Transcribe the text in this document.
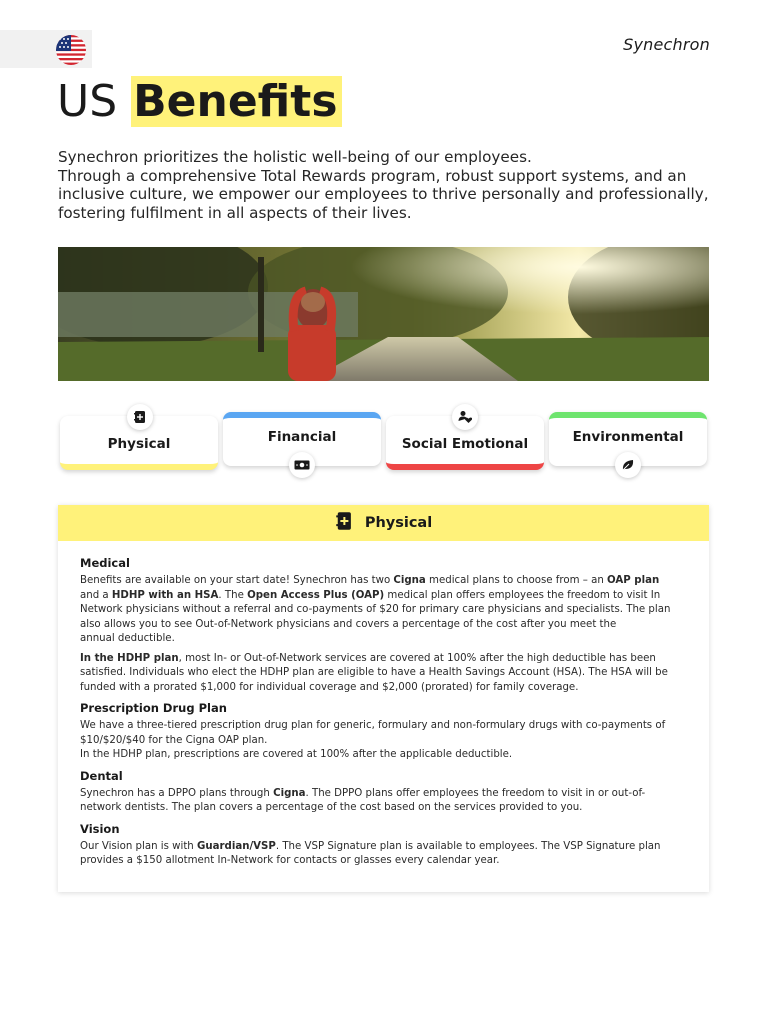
Synechron
US Benefits

Synechron prioritizes the holistic well-being of our employees.

Through a comprehensive Total Rewards program, robust support systems, and an

inclusive culture, we empower our employees to thrive personally and professionally,

fostering fulfilment in all aspects of their lives.

Physical	Financial	Social Emotional	Environmental
Physical
Medical
Benefits are available on your start date! Synechron has two Cigna medical plans to choose from – an OAP plan
and a HDHP with an HSA. The Open Access Plus (OAP) medical plan offers employees the freedom to visit In
Network physicians without a referral and co-payments of $20 for primary care physicians and specialists. The plan
also allows you to see Out-of-Network physicians and covers a percentage of the cost after you meet the
annual deductible.
In the HDHP plan, most In- or Out-of-Network services are covered at 100% after the high deductible has been
satisfied. Individuals who elect the HDHP plan are eligible to have a Health Savings Account (HSA). The HSA will be
funded with a prorated $1,000 for individual coverage and $2,000 (prorated) for family coverage.
Prescription Drug Plan
We have a three-tiered prescription drug plan for generic, formulary and non-formulary drugs with co-payments of
$10/$20/$40 for the Cigna OAP plan.
In the HDHP plan, prescriptions are covered at 100% after the applicable deductible.
Dental
Synechron has a DPPO plans through Cigna. The DPPO plans offer employees the freedom to visit in or out-of-
network dentists. The plan covers a percentage of the cost based on the services provided to you.
Vision
Our Vision plan is with Guardian/VSP. The VSP Signature plan is available to employees. The VSP Signature plan
provides a $150 allotment In-Network for contacts or glasses every calendar year.
